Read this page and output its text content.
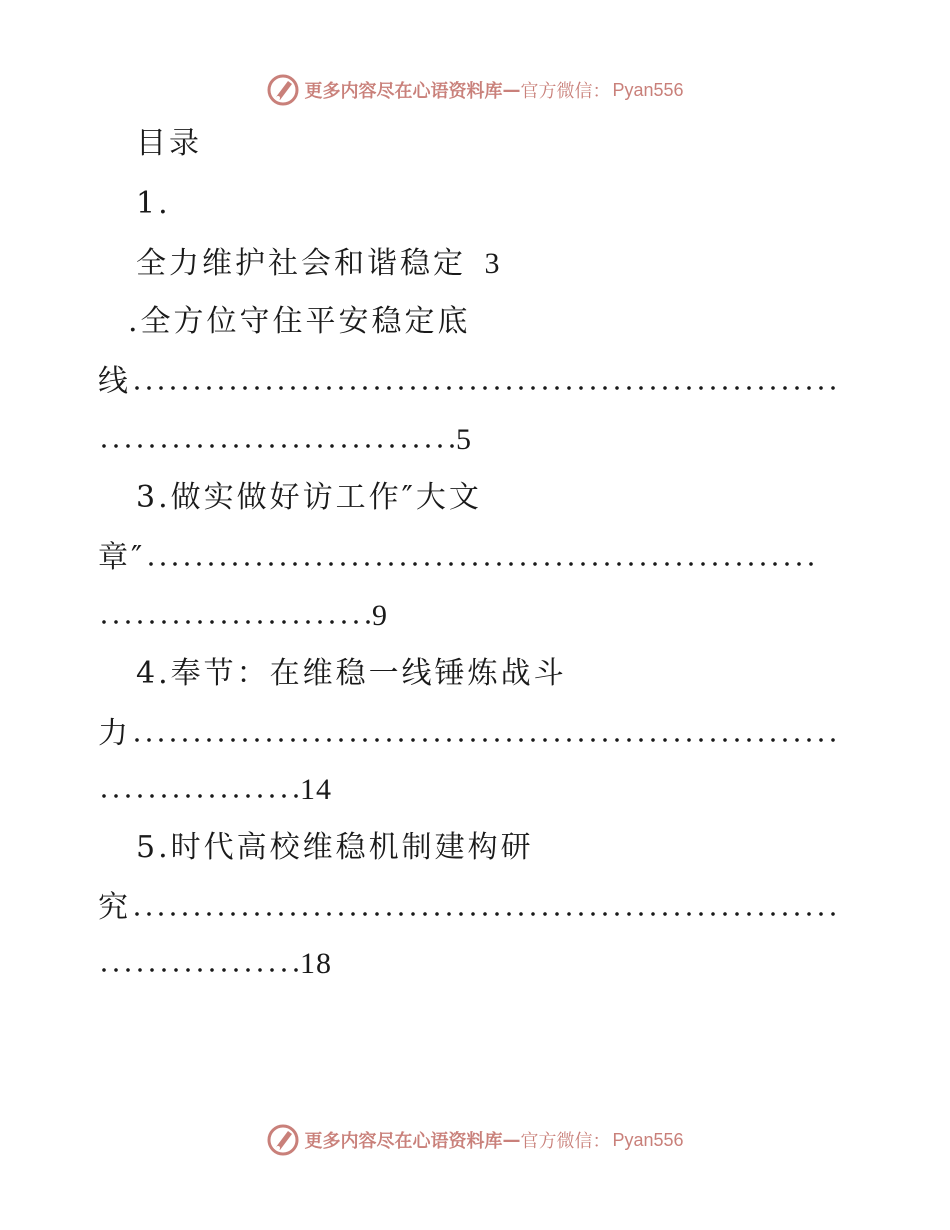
更多内容尽在心语资料库 — 官方微信： Pyan556
目录
1.
全力维护社会和谐稳定 3
.全方位守住平安稳定底
线
5
3.做实做好访工作″大文
章″
9
4.奉节：在维稳一线锤炼战斗
力
14
5.时代高校维稳机制建构研
究
18
更多内容尽在心语资料库 — 官方微信： Pyan556
